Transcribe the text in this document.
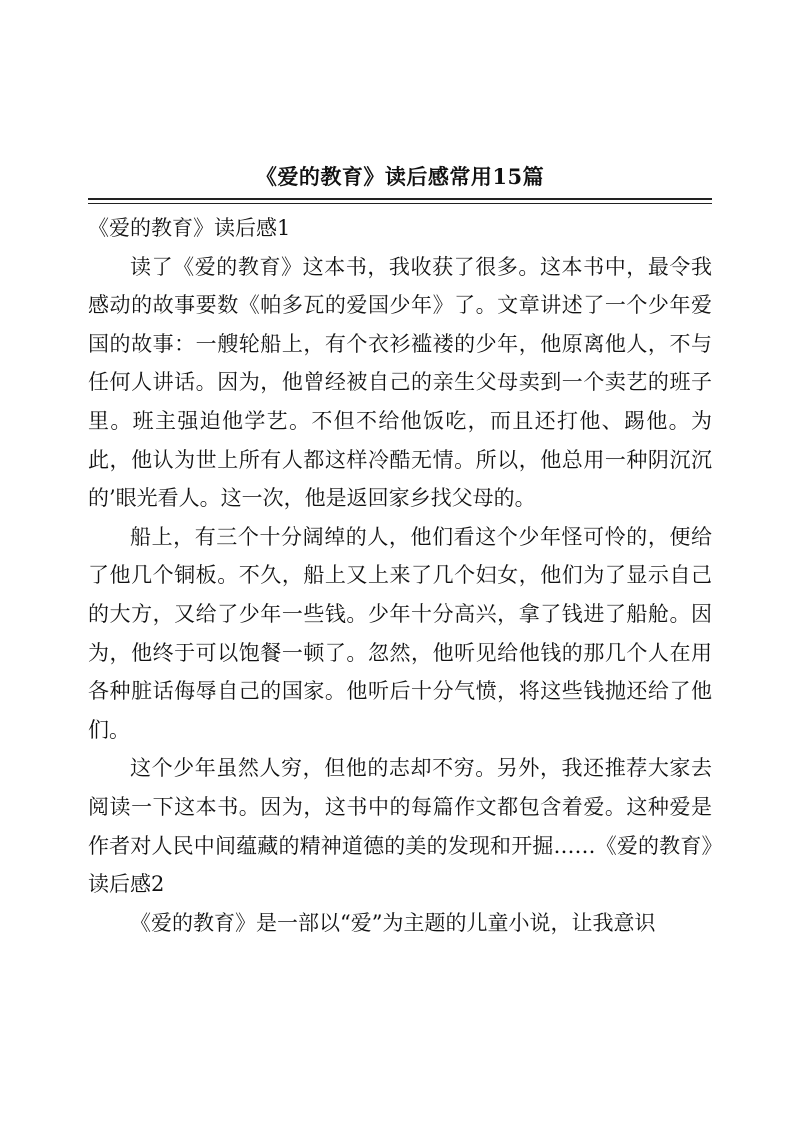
《爱的教育》读后感常用15篇

《爱的教育》读后感1

读了《爱的教育》这本书，我收获了很多。这本书中，最令我感动的故事要数《帕多瓦的爱国少年》了。文章讲述了一个少年爱国的故事：一艘轮船上，有个衣衫褴褛的少年，他原离他人，不与任何人讲话。因为，他曾经被自己的亲生父母卖到一个卖艺的班子里。班主强迫他学艺。不但不给他饭吃，而且还打他、踢他。为此，他认为世上所有人都这样冷酷无情。所以，他总用一种阴沉沉的’眼光看人。这一次，他是返回家乡找父母的。

船上，有三个十分阔绰的人，他们看这个少年怪可怜的，便给了他几个铜板。不久，船上又上来了几个妇女，他们为了显示自己的大方，又给了少年一些钱。少年十分高兴，拿了钱进了船舱。因为，他终于可以饱餐一顿了。忽然，他听见给他钱的那几个人在用各种脏话侮辱自己的国家。他听后十分气愤，将这些钱抛还给了他们。

这个少年虽然人穷，但他的志却不穷。另外，我还推荐大家去阅读一下这本书。因为，这书中的每篇作文都包含着爱。这种爱是作者对人民中间蕴藏的精神道德的美的发现和开掘……《爱的教育》读后感2

《爱的教育》是一部以“爱”为主题的儿童小说，让我意识
